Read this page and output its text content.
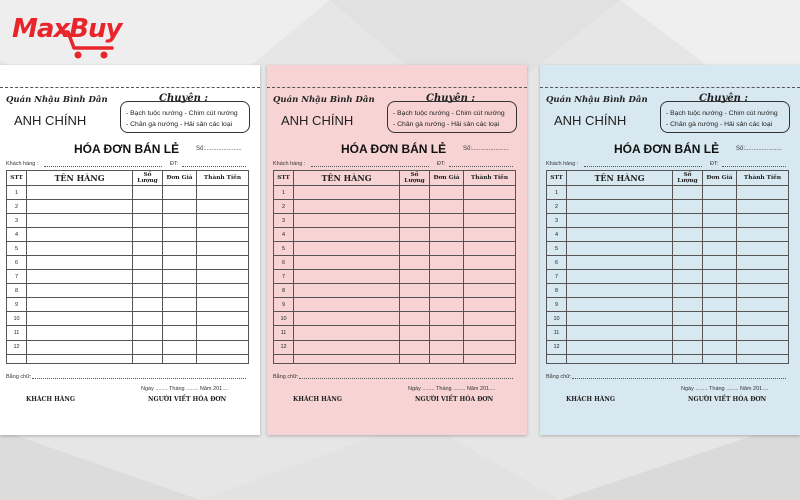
MaxBuy
Quán Nhậu Bình Dân
ANH CHÍNH
Chuyên :
- Bạch tuộc nướng - Chim cút nướng
- Chân gà nướng - Hải sản các loại
HÓA ĐƠN BÁN LẺ	Số:......................
Khách hàng :	ĐT:
STT	TÊN HÀNG	Số Lượng	Đơn Giá	Thành Tiền
1				
2				
3				
4				
5				
6				
7				
8				
9				
10				
11				
12				

Bằng chữ:
Ngày ........ Tháng ........ Năm 201....
KHÁCH HÀNG	NGƯỜI VIẾT HÓA ĐƠN
Quán Nhậu Bình Dân
ANH CHÍNH
Chuyên :
- Bạch tuộc nướng - Chim cút nướng
- Chân gà nướng - Hải sản các loại
HÓA ĐƠN BÁN LẺ	Số:......................
Khách hàng :	ĐT:
STT	TÊN HÀNG	Số Lượng	Đơn Giá	Thành Tiền
1				
2				
3				
4				
5				
6				
7				
8				
9				
10				
11				
12				

Bằng chữ:
Ngày ........ Tháng ........ Năm 201....
KHÁCH HÀNG	NGƯỜI VIẾT HÓA ĐƠN
Quán Nhậu Bình Dân
ANH CHÍNH
Chuyên :
- Bạch tuộc nướng - Chim cút nướng
- Chân gà nướng - Hải sản các loại
HÓA ĐƠN BÁN LẺ	Số:......................
Khách hàng :	ĐT:
STT	TÊN HÀNG	Số Lượng	Đơn Giá	Thành Tiền
1				
2				
3				
4				
5				
6				
7				
8				
9				
10				
11				
12				

Bằng chữ:
Ngày ........ Tháng ........ Năm 201....
KHÁCH HÀNG	NGƯỜI VIẾT HÓA ĐƠN
